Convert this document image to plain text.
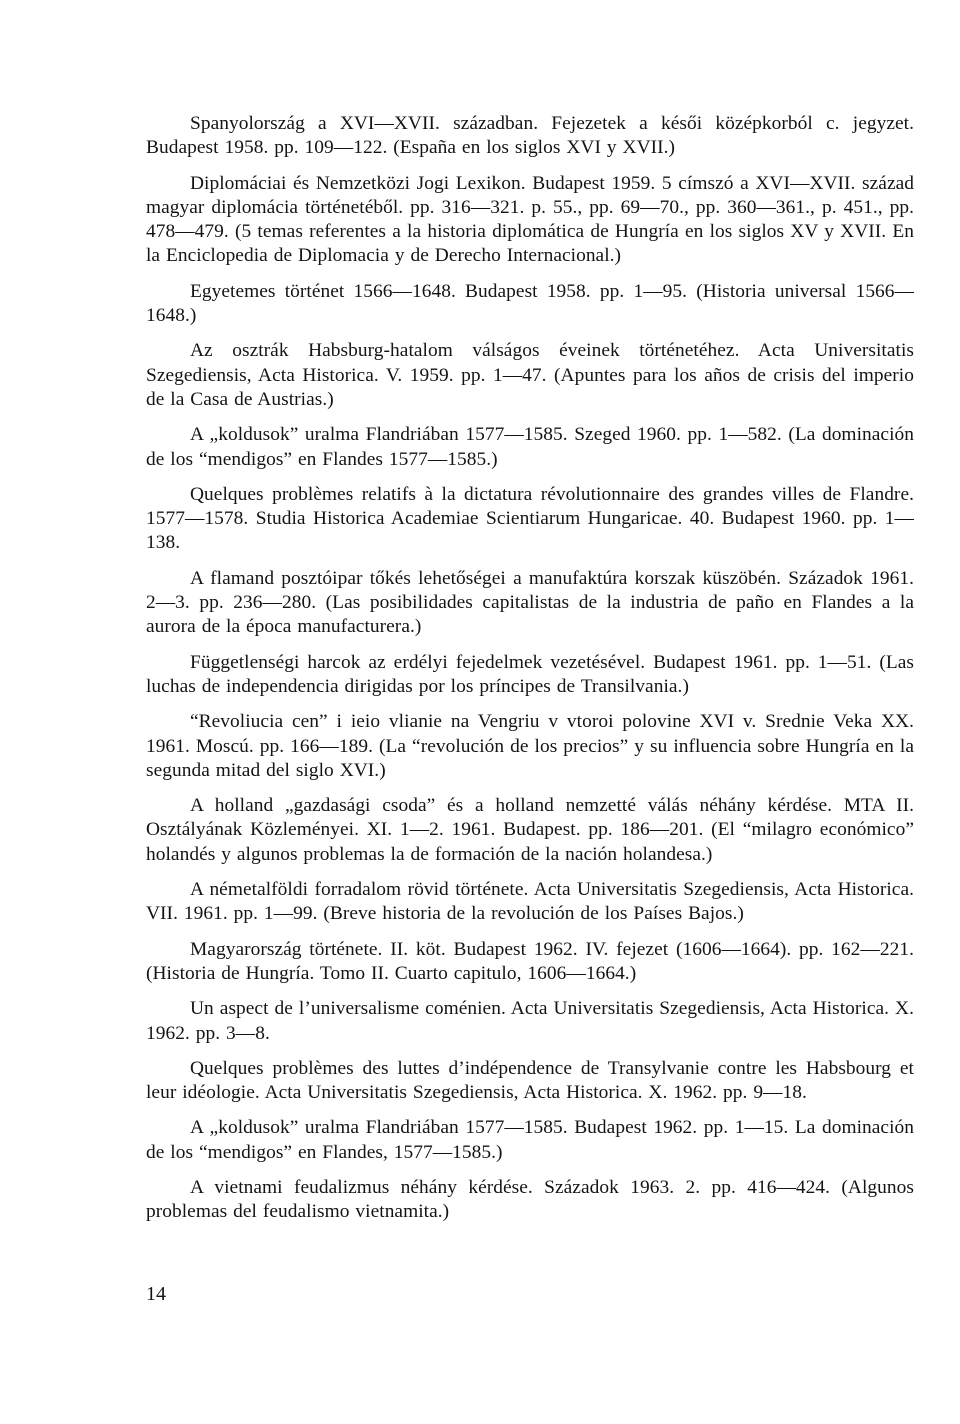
Spanyolország a XVI—XVII. században. Fejezetek a késői középkorból c. jegyzet. Budapest 1958. pp. 109—122. (España en los siglos XVI y XVII.)

Diplomáciai és Nemzetközi Jogi Lexikon. Budapest 1959. 5 címszó a XVI—XVII. század magyar diplomácia történetéből. pp. 316—321. p. 55., pp. 69—70., pp. 360—361., p. 451., pp. 478—479. (5 temas referentes a la historia diplomática de Hungría en los siglos XV y XVII. En la Enciclopedia de Diplomacia y de Derecho Internacional.)

Egyetemes történet 1566—1648. Budapest 1958. pp. 1—95. (Historia universal 1566—1648.)

Az osztrák Habsburg-hatalom válságos éveinek történetéhez. Acta Universitatis Szegediensis, Acta Historica. V. 1959. pp. 1—47. (Apuntes para los años de crisis del imperio de la Casa de Austrias.)

A „koldusok” uralma Flandriában 1577—1585. Szeged 1960. pp. 1—582. (La dominación de los “mendigos” en Flandes 1577—1585.)

Quelques problèmes relatifs à la dictatura révolutionnaire des grandes villes de Flandre. 1577—1578. Studia Historica Academiae Scientiarum Hungaricae. 40. Budapest 1960. pp. 1—138.

A flamand posztóipar tőkés lehetőségei a manufaktúra korszak küszöbén. Századok 1961. 2—3. pp. 236—280. (Las posibilidades capitalistas de la industria de paño en Flandes a la aurora de la época manufacturera.)

Függetlenségi harcok az erdélyi fejedelmek vezetésével. Budapest 1961. pp. 1—51. (Las luchas de independencia dirigidas por los príncipes de Transilvania.)

“Revoliucia cen” i ieio vlianie na Vengriu v vtoroi polovine XVI v. Srednie Veka XX. 1961. Moscú. pp. 166—189. (La “revolución de los precios” y su influencia sobre Hungría en la segunda mitad del siglo XVI.)

A holland „gazdasági csoda” és a holland nemzetté válás néhány kérdése. MTA II. Osztályának Közleményei. XI. 1—2. 1961. Budapest. pp. 186—201. (El “milagro económico” holandés y algunos problemas la de formación de la nación holandesa.)

A németalföldi forradalom rövid története. Acta Universitatis Szegediensis, Acta Historica. VII. 1961. pp. 1—99. (Breve historia de la revolución de los Países Bajos.)

Magyarország története. II. köt. Budapest 1962. IV. fejezet (1606—1664). pp. 162—221. (Historia de Hungría. Tomo II. Cuarto capitulo, 1606—1664.)

Un aspect de l’universalisme coménien. Acta Universitatis Szegediensis, Acta Historica. X. 1962. pp. 3—8.

Quelques problèmes des luttes d’indépendence de Transylvanie contre les Habsbourg et leur idéologie. Acta Universitatis Szegediensis, Acta Historica. X. 1962. pp. 9—18.

A „koldusok” uralma Flandriában 1577—1585. Budapest 1962. pp. 1—15. La dominación de los “mendigos” en Flandes, 1577—1585.)

A vietnami feudalizmus néhány kérdése. Századok 1963. 2. pp. 416—424. (Algunos problemas del feudalismo vietnamita.)

14
